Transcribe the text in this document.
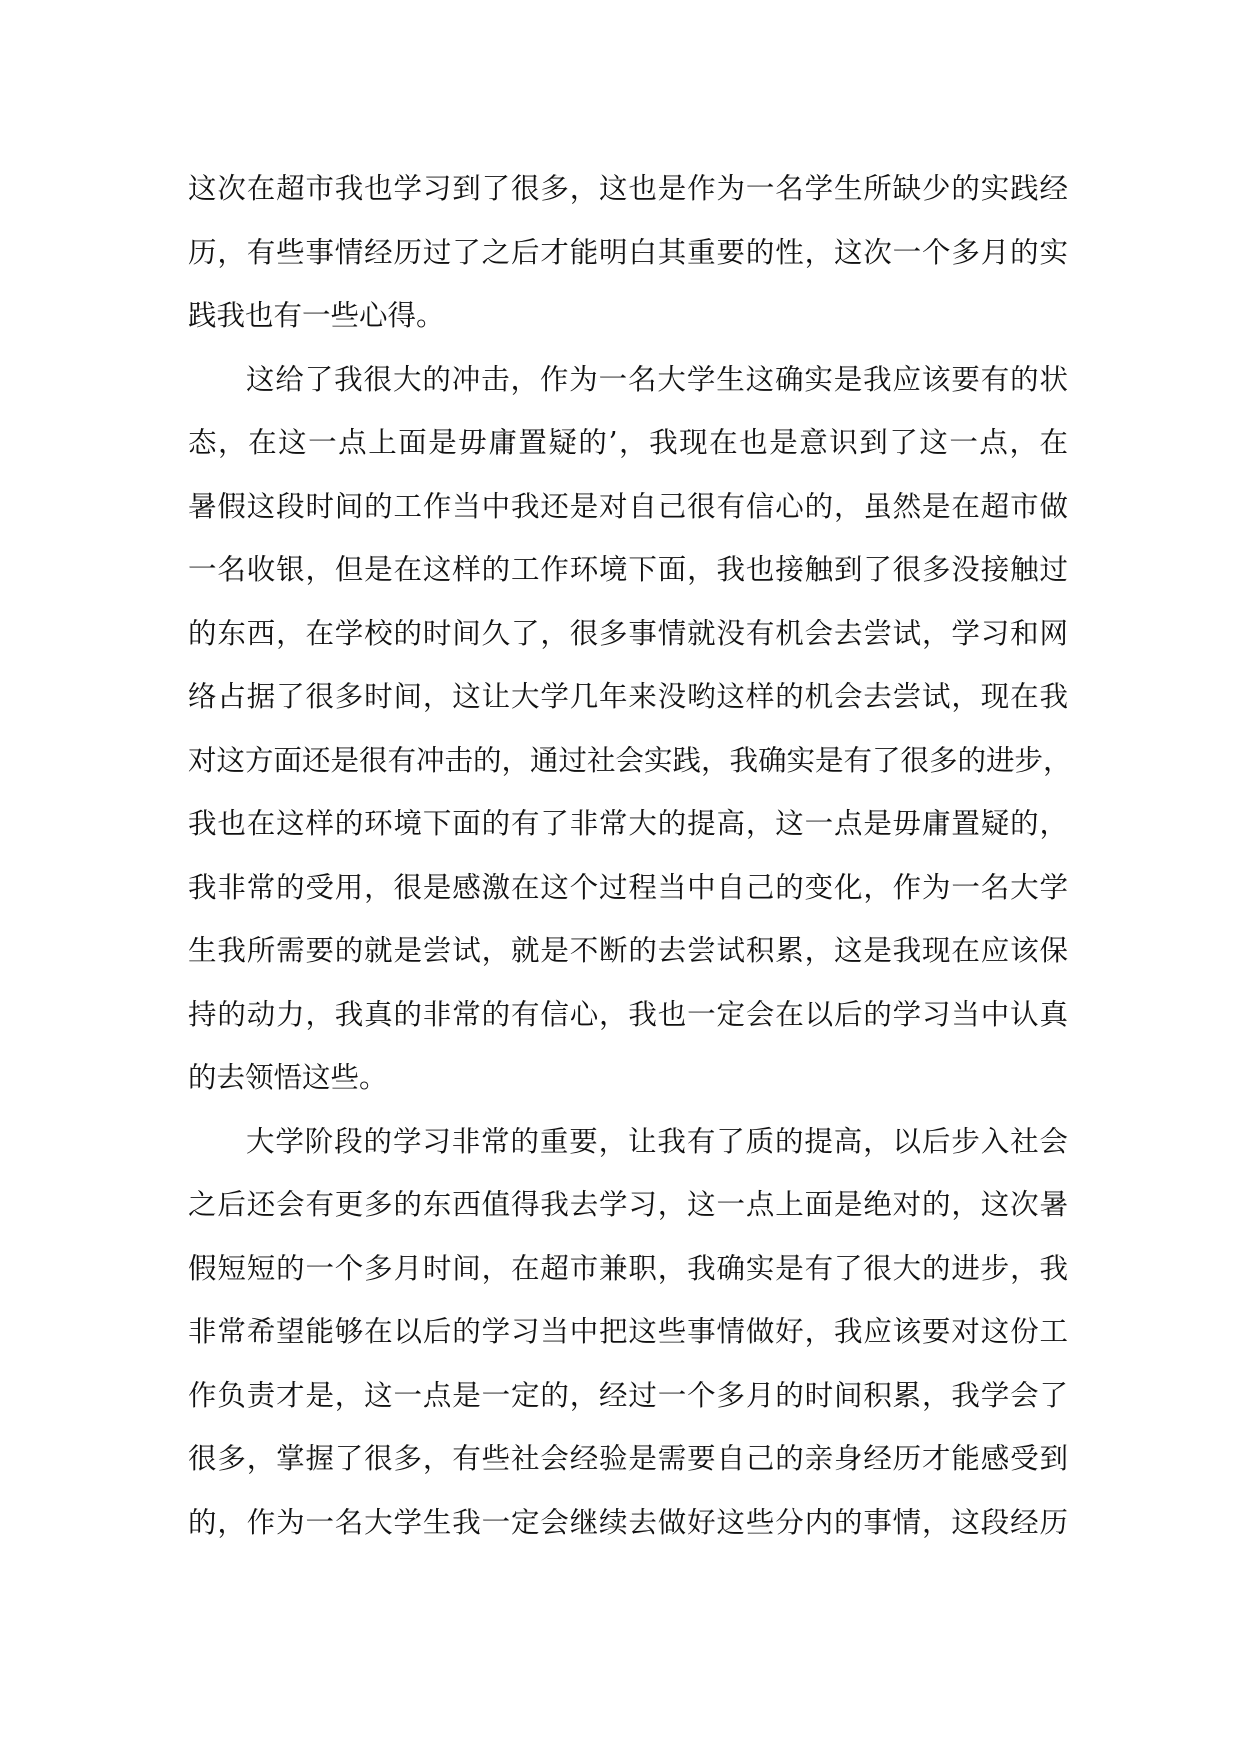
这次在超市我也学习到了很多，这也是作为一名学生所缺少的实践经
历，有些事情经历过了之后才能明白其重要的性，这次一个多月的实
践我也有一些心得。
这给了我很大的冲击，作为一名大学生这确实是我应该要有的状
态，在这一点上面是毋庸置疑的’，我现在也是意识到了这一点，在
暑假这段时间的工作当中我还是对自己很有信心的，虽然是在超市做
一名收银，但是在这样的工作环境下面，我也接触到了很多没接触过
的东西，在学校的时间久了，很多事情就没有机会去尝试，学习和网
络占据了很多时间，这让大学几年来没哟这样的机会去尝试，现在我
对这方面还是很有冲击的，通过社会实践，我确实是有了很多的进步，
我也在这样的环境下面的有了非常大的提高，这一点是毋庸置疑的，
我非常的受用，很是感激在这个过程当中自己的变化，作为一名大学
生我所需要的就是尝试，就是不断的去尝试积累，这是我现在应该保
持的动力，我真的非常的有信心，我也一定会在以后的学习当中认真
的去领悟这些。
大学阶段的学习非常的重要，让我有了质的提高，以后步入社会
之后还会有更多的东西值得我去学习，这一点上面是绝对的，这次暑
假短短的一个多月时间，在超市兼职，我确实是有了很大的进步，我
非常希望能够在以后的学习当中把这些事情做好，我应该要对这份工
作负责才是，这一点是一定的，经过一个多月的时间积累，我学会了
很多，掌握了很多，有些社会经验是需要自己的亲身经历才能感受到
的，作为一名大学生我一定会继续去做好这些分内的事情，这段经历
